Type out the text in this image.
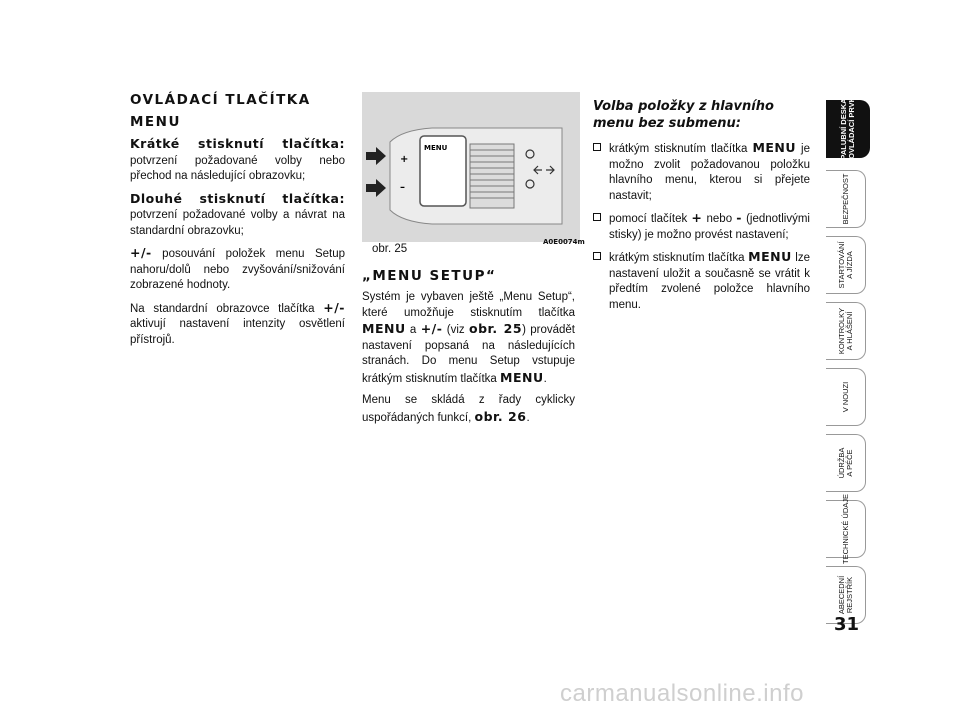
OVLÁDACÍ TLAČÍTKA
MENU

Krátké stisknutí tlačítka: potvrzení požadované volby nebo přechod na následující obrazovku;

Dlouhé stisknutí tlačítka: potvrzení požadované volby a návrat na standardní obrazovku;

+/- posouvání položek menu Setup nahoru/dolů nebo zvyšování/snižování zobrazené hodnoty.

Na standardní obrazovce tlačítka +/- aktivují nastavení intenzity osvětlení přístrojů.

MENU
+
–
obr. 25
A0E0074m
„MENU SETUP“

Systém je vybaven ještě „Menu Setup“, které umožňuje stisknutím tlačítka MENU a +/- (viz obr. 25) provádět nastavení popsaná na následujících stranách. Do menu Setup vstupuje krátkým stisknutím tlačítka MENU.

Menu se skládá z řady cyklicky uspořádaných funkcí, obr. 26.

Volba položky z hlavního menu bez submenu:

krátkým stisknutím tlačítka MENU je možno zvolit požadovanou položku hlavního menu, kterou si přejete nastavit;

pomocí tlačítek + nebo - (jednotlivými stisky) je možno provést nastavení;

krátkým stisknutím tlačítka MENU lze nastavení uložit a současně se vrátit k předtím zvolené položce hlavního menu.

PALUBNÍ DESKA
A OVLÁDACÍ PRVKY
BEZPEČNOST
STARTOVÁNÍ
A JÍZDA
KONTROLKY
A HLÁŠENÍ
V NOUZI
ÚDRŽBA
A PÉČE
TECHNICKÉ ÚDAJE
ABECEDNÍ
REJSTŘÍK
31
carmanualsonline.info
